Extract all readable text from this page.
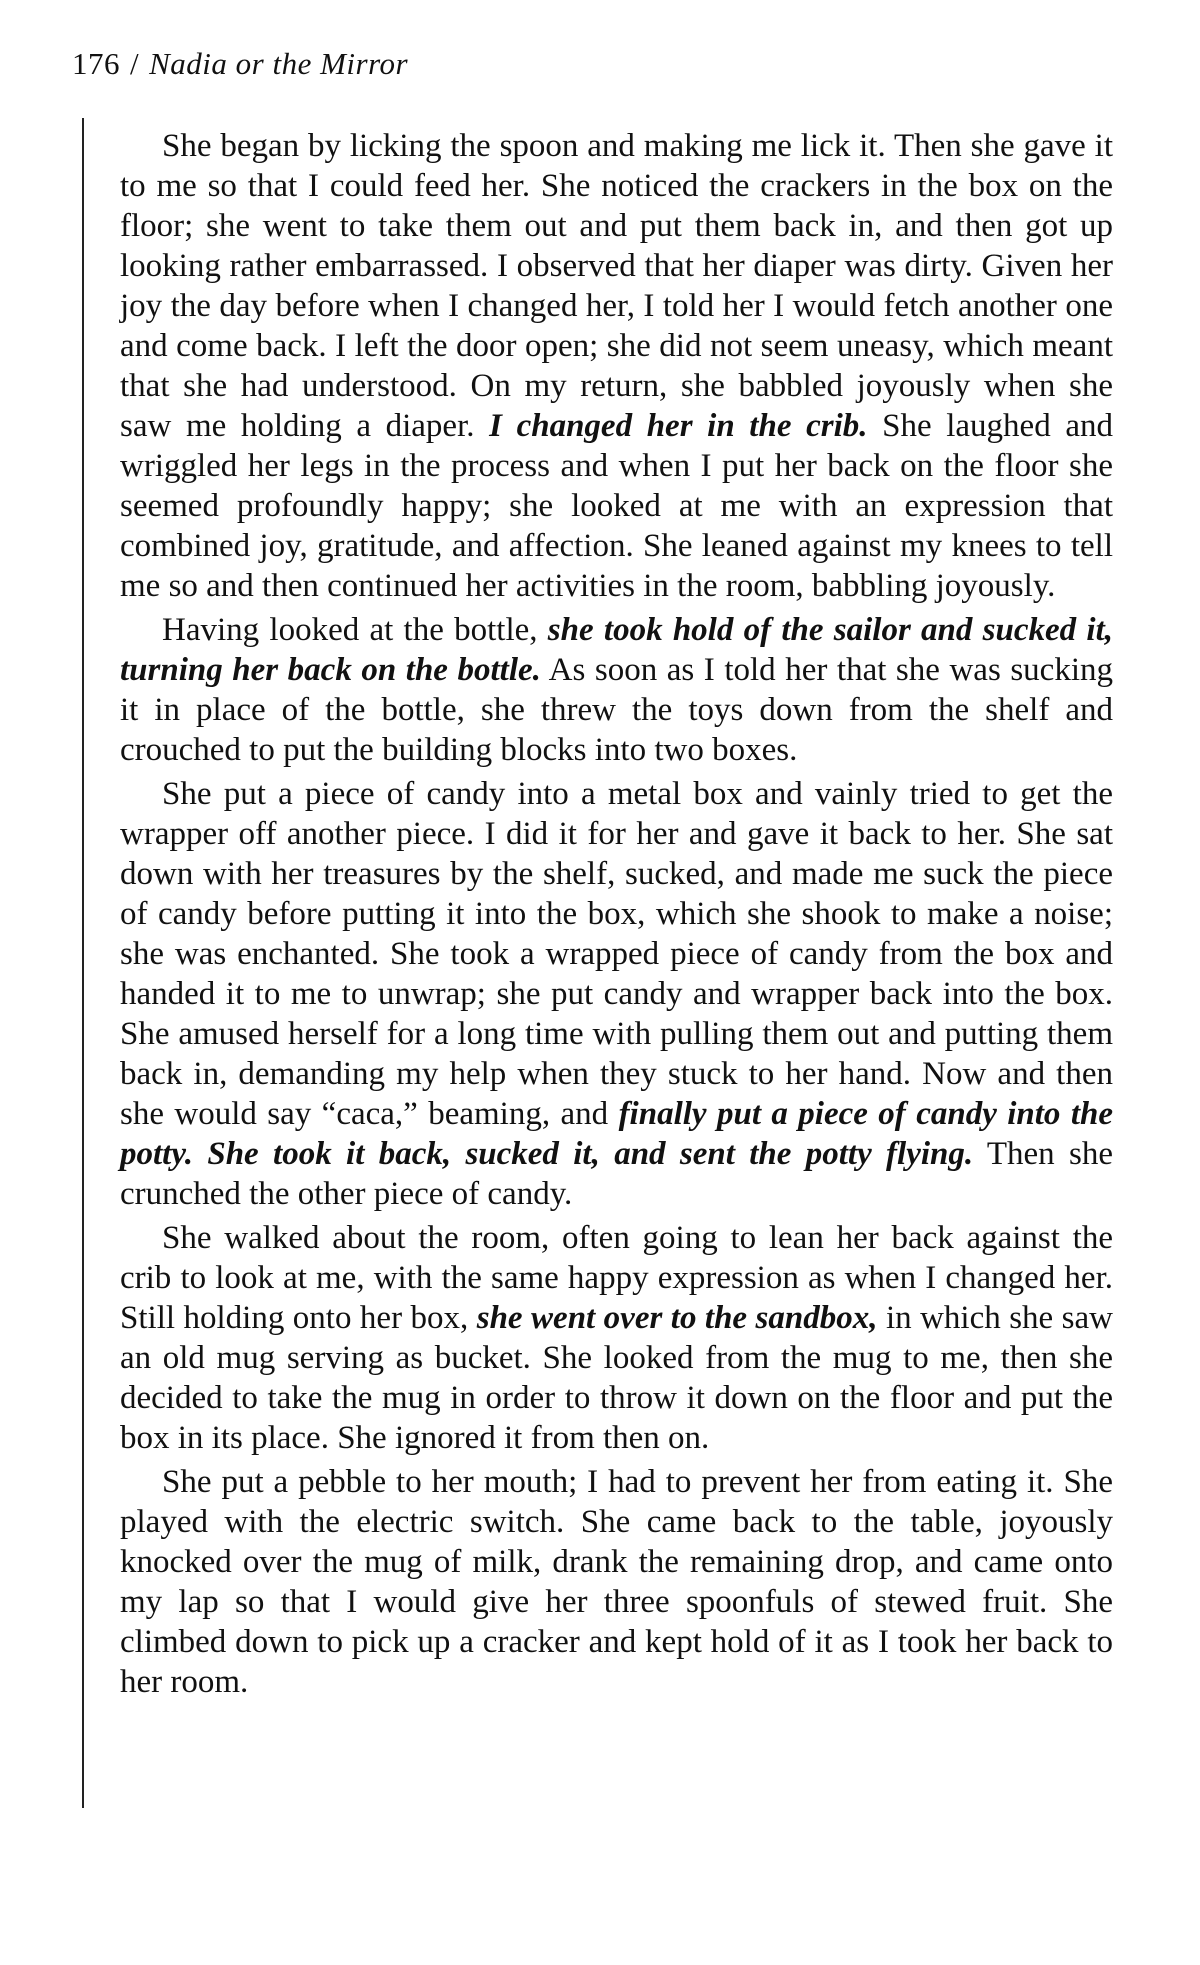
176 / Nadia or the Mirror

She began by licking the spoon and making me lick it. Then she gave it to me so that I could feed her. She noticed the crackers in the box on the floor; she went to take them out and put them back in, and then got up looking rather embarrassed. I observed that her diaper was dirty. Given her joy the day before when I changed her, I told her I would fetch another one and come back. I left the door open; she did not seem uneasy, which meant that she had understood. On my return, she babbled joyously when she saw me holding a diaper. I changed her in the crib. She laughed and wriggled her legs in the process and when I put her back on the floor she seemed profoundly happy; she looked at me with an expression that combined joy, gratitude, and affection. She leaned against my knees to tell me so and then continued her activities in the room, babbling joyously.

Having looked at the bottle, she took hold of the sailor and sucked it, turning her back on the bottle. As soon as I told her that she was sucking it in place of the bottle, she threw the toys down from the shelf and crouched to put the building blocks into two boxes.

She put a piece of candy into a metal box and vainly tried to get the wrapper off another piece. I did it for her and gave it back to her. She sat down with her treasures by the shelf, sucked, and made me suck the piece of candy before putting it into the box, which she shook to make a noise; she was enchanted. She took a wrapped piece of candy from the box and handed it to me to unwrap; she put candy and wrapper back into the box. She amused herself for a long time with pulling them out and putting them back in, demanding my help when they stuck to her hand. Now and then she would say “caca,” beaming, and finally put a piece of candy into the potty. She took it back, sucked it, and sent the potty flying. Then she crunched the other piece of candy.

She walked about the room, often going to lean her back against the crib to look at me, with the same happy expression as when I changed her. Still holding onto her box, she went over to the sandbox, in which she saw an old mug serving as bucket. She looked from the mug to me, then she decided to take the mug in order to throw it down on the floor and put the box in its place. She ignored it from then on.

She put a pebble to her mouth; I had to prevent her from eating it. She played with the electric switch. She came back to the table, joyously knocked over the mug of milk, drank the remaining drop, and came onto my lap so that I would give her three spoonfuls of stewed fruit. She climbed down to pick up a cracker and kept hold of it as I took her back to her room.
